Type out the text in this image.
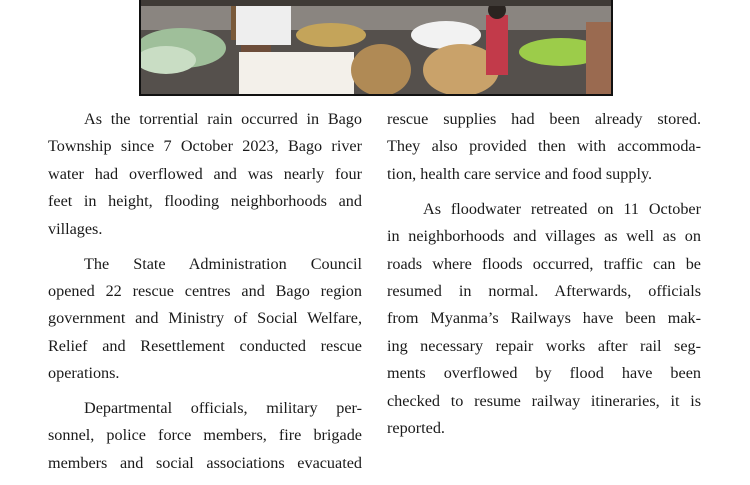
As the torrential rain occurred in Bago
Township since 7 October 2023, Bago river
water had overflowed and was nearly four
feet in height, flooding neighborhoods and
villages.

The State Administration Council
opened 22 rescue centres and Bago region
government and Ministry of Social Welfare,
Relief and Resettlement conducted rescue
operations.

Departmental officials, military per-
sonnel, police force members, fire brigade
members and social associations evacuated

rescue supplies had been already stored.
They also provided then with accommoda-
tion, health care service and food supply.

As floodwater retreated on 11 October
in neighborhoods and villages as well as on
roads where floods occurred, traffic can be
resumed in normal. Afterwards, officials
from Myanma’s Railways have been mak-
ing necessary repair works after rail seg-
ments overflowed by flood have been
checked to resume railway itineraries, it is
reported.
